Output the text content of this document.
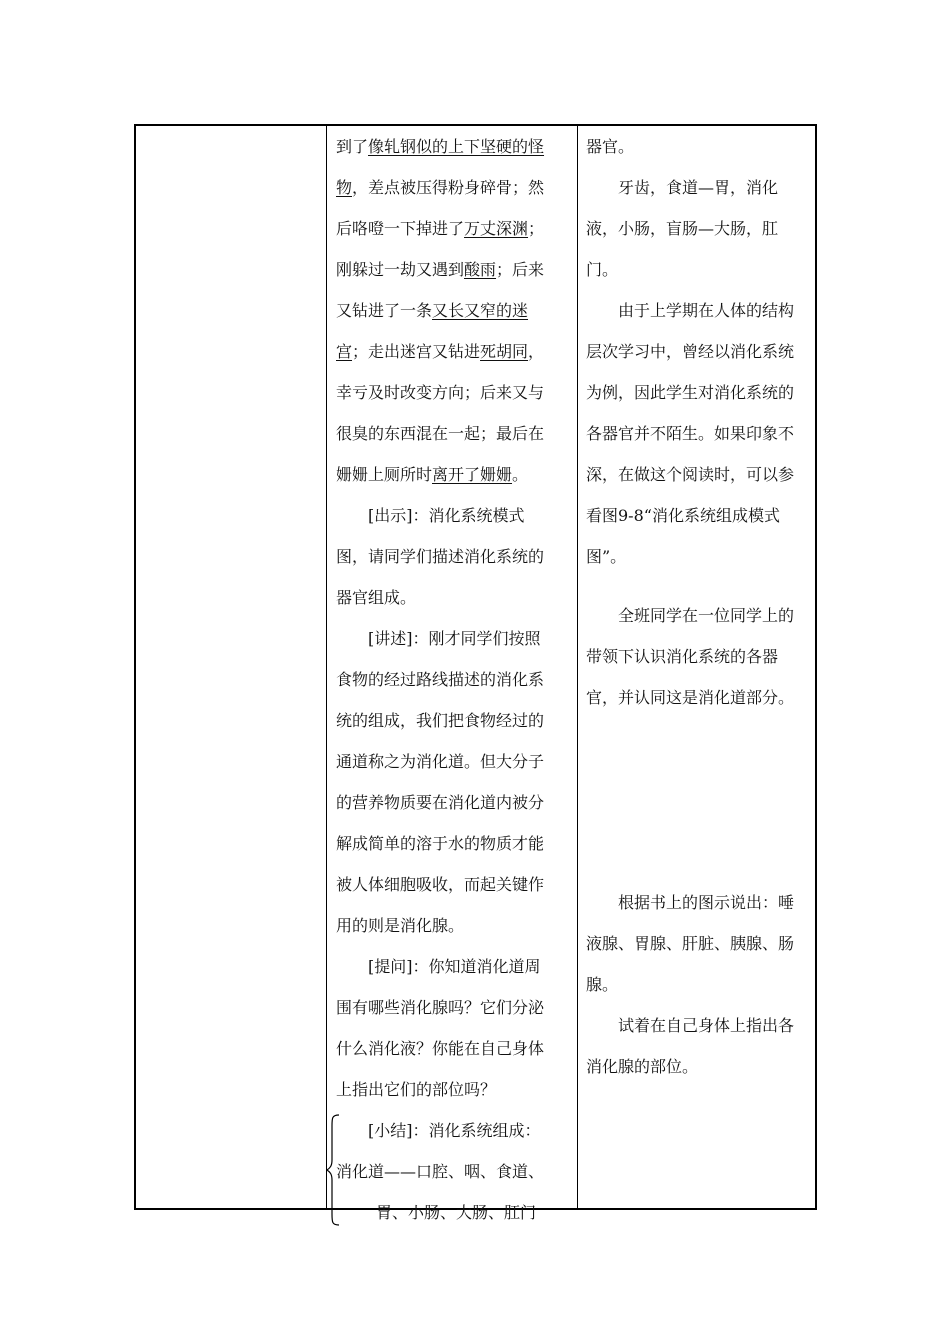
到了像轧钢似的上下坚硬的怪物，差点被压得粉身碎骨；然后咯噔一下掉进了万丈深渊；刚躲过一劫又遇到酸雨；后来又钻进了一条又长又窄的迷宫；走出迷宫又钻进死胡同，幸亏及时改变方向；后来又与很臭的东西混在一起；最后在姗姗上厕所时离开了姗姗。

[出示]：消化系统模式图，请同学们描述消化系统的器官组成。

[讲述]：刚才同学们按照食物的经过路线描述的消化系统的组成，我们把食物经过的通道称之为消化道。但大分子的营养物质要在消化道内被分解成简单的溶于水的物质才能被人体细胞吸收，而起关键作用的则是消化腺。

[提问]：你知道消化道周围有哪些消化腺吗？它们分泌什么消化液？你能在自己身体上指出它们的部位吗？

[小结]：消化系统组成：

消化道——口腔、咽、食道、

胃、小肠、大肠、肛门

器官。

牙齿，食道—胃，消化液，小肠，盲肠—大肠，肛门。

由于上学期在人体的结构层次学习中，曾经以消化系统为例，因此学生对消化系统的各器官并不陌生。如果印象不深，在做这个阅读时，可以参看图9-8“消化系统组成模式图”。

全班同学在一位同学上的带领下认识消化系统的各器官，并认同这是消化道部分。

根据书上的图示说出：唾液腺、胃腺、肝脏、胰腺、肠腺。

试着在自己身体上指出各消化腺的部位。
